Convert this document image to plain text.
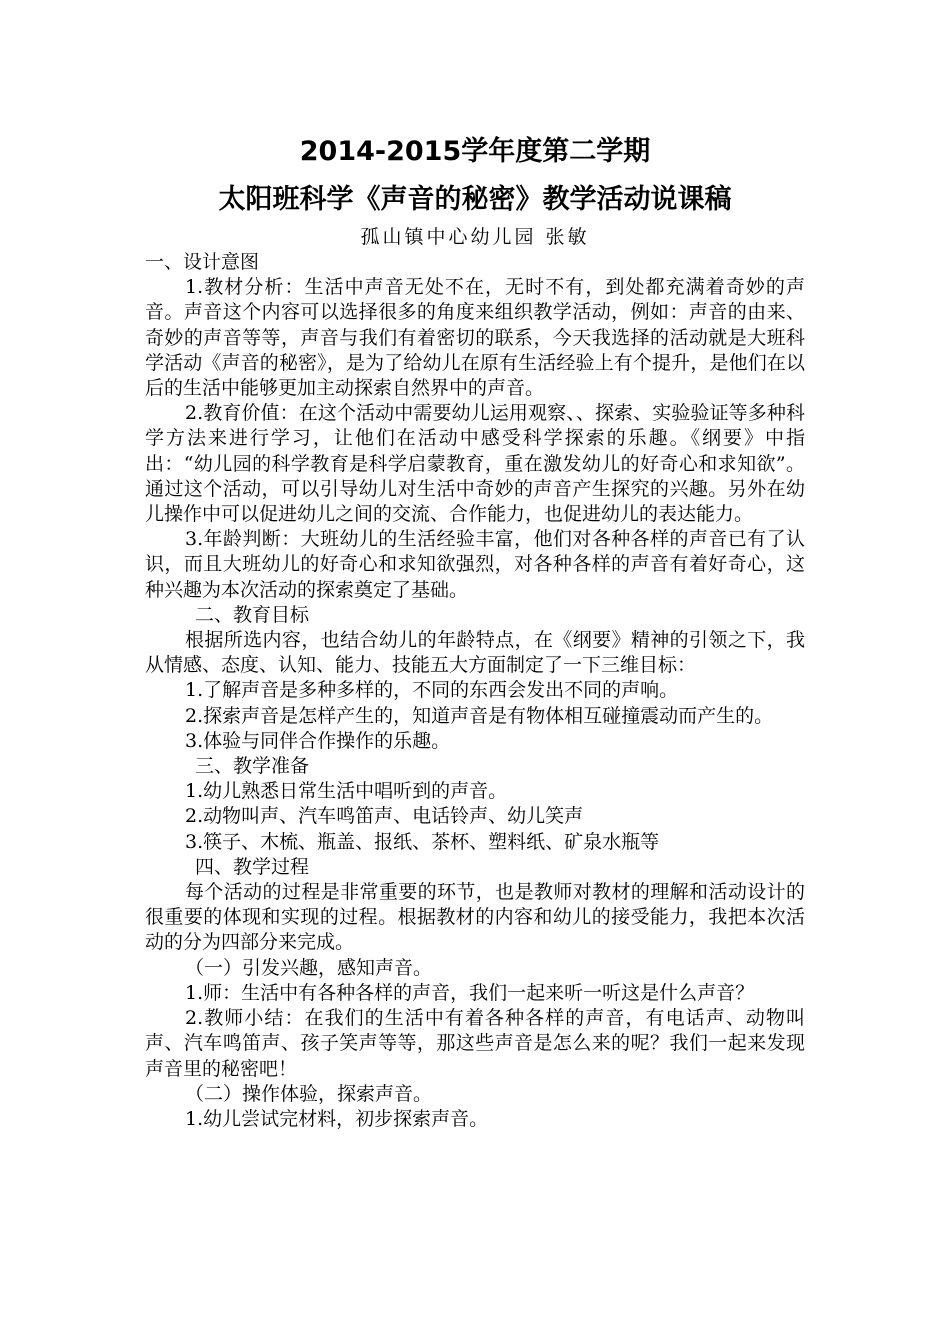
2014-2015学年度第二学期
太阳班科学《声音的秘密》教学活动说课稿
孤山镇中心幼儿园 张敏

一、设计意图

1.教材分析：生活中声音无处不在，无时不有，到处都充满着奇妙的声音。声音这个内容可以选择很多的角度来组织教学活动，例如：声音的由来、奇妙的声音等等，声音与我们有着密切的联系，今天我选择的活动就是大班科学活动《声音的秘密》，是为了给幼儿在原有生活经验上有个提升，是他们在以后的生活中能够更加主动探索自然界中的声音。

2.教育价值：在这个活动中需要幼儿运用观察、、探索、实验验证等多种科学方法来进行学习，让他们在活动中感受科学探索的乐趣。《纲要》中指出：“幼儿园的科学教育是科学启蒙教育，重在激发幼儿的好奇心和求知欲”。通过这个活动，可以引导幼儿对生活中奇妙的声音产生探究的兴趣。另外在幼儿操作中可以促进幼儿之间的交流、合作能力，也促进幼儿的表达能力。

3.年龄判断：大班幼儿的生活经验丰富，他们对各种各样的声音已有了认识，而且大班幼儿的好奇心和求知欲强烈，对各种各样的声音有着好奇心，这种兴趣为本次活动的探索奠定了基础。

二、教育目标

根据所选内容，也结合幼儿的年龄特点，在《纲要》精神的引领之下，我从情感、态度、认知、能力、技能五大方面制定了一下三维目标：

1.了解声音是多种多样的，不同的东西会发出不同的声响。

2.探索声音是怎样产生的，知道声音是有物体相互碰撞震动而产生的。

3.体验与同伴合作操作的乐趣。

三、教学准备

1.幼儿熟悉日常生活中唱听到的声音。

2.动物叫声、汽车鸣笛声、电话铃声、幼儿笑声

3.筷子、木梳、瓶盖、报纸、茶杯、塑料纸、矿泉水瓶等

四、教学过程

每个活动的过程是非常重要的环节，也是教师对教材的理解和活动设计的很重要的体现和实现的过程。根据教材的内容和幼儿的接受能力，我把本次活动的分为四部分来完成。

（一）引发兴趣，感知声音。

1.师：生活中有各种各样的声音，我们一起来听一听这是什么声音？

2.教师小结：在我们的生活中有着各种各样的声音，有电话声、动物叫声、汽车鸣笛声、孩子笑声等等，那这些声音是怎么来的呢？我们一起来发现声音里的秘密吧！

（二）操作体验，探索声音。

1.幼儿尝试完材料，初步探索声音。
